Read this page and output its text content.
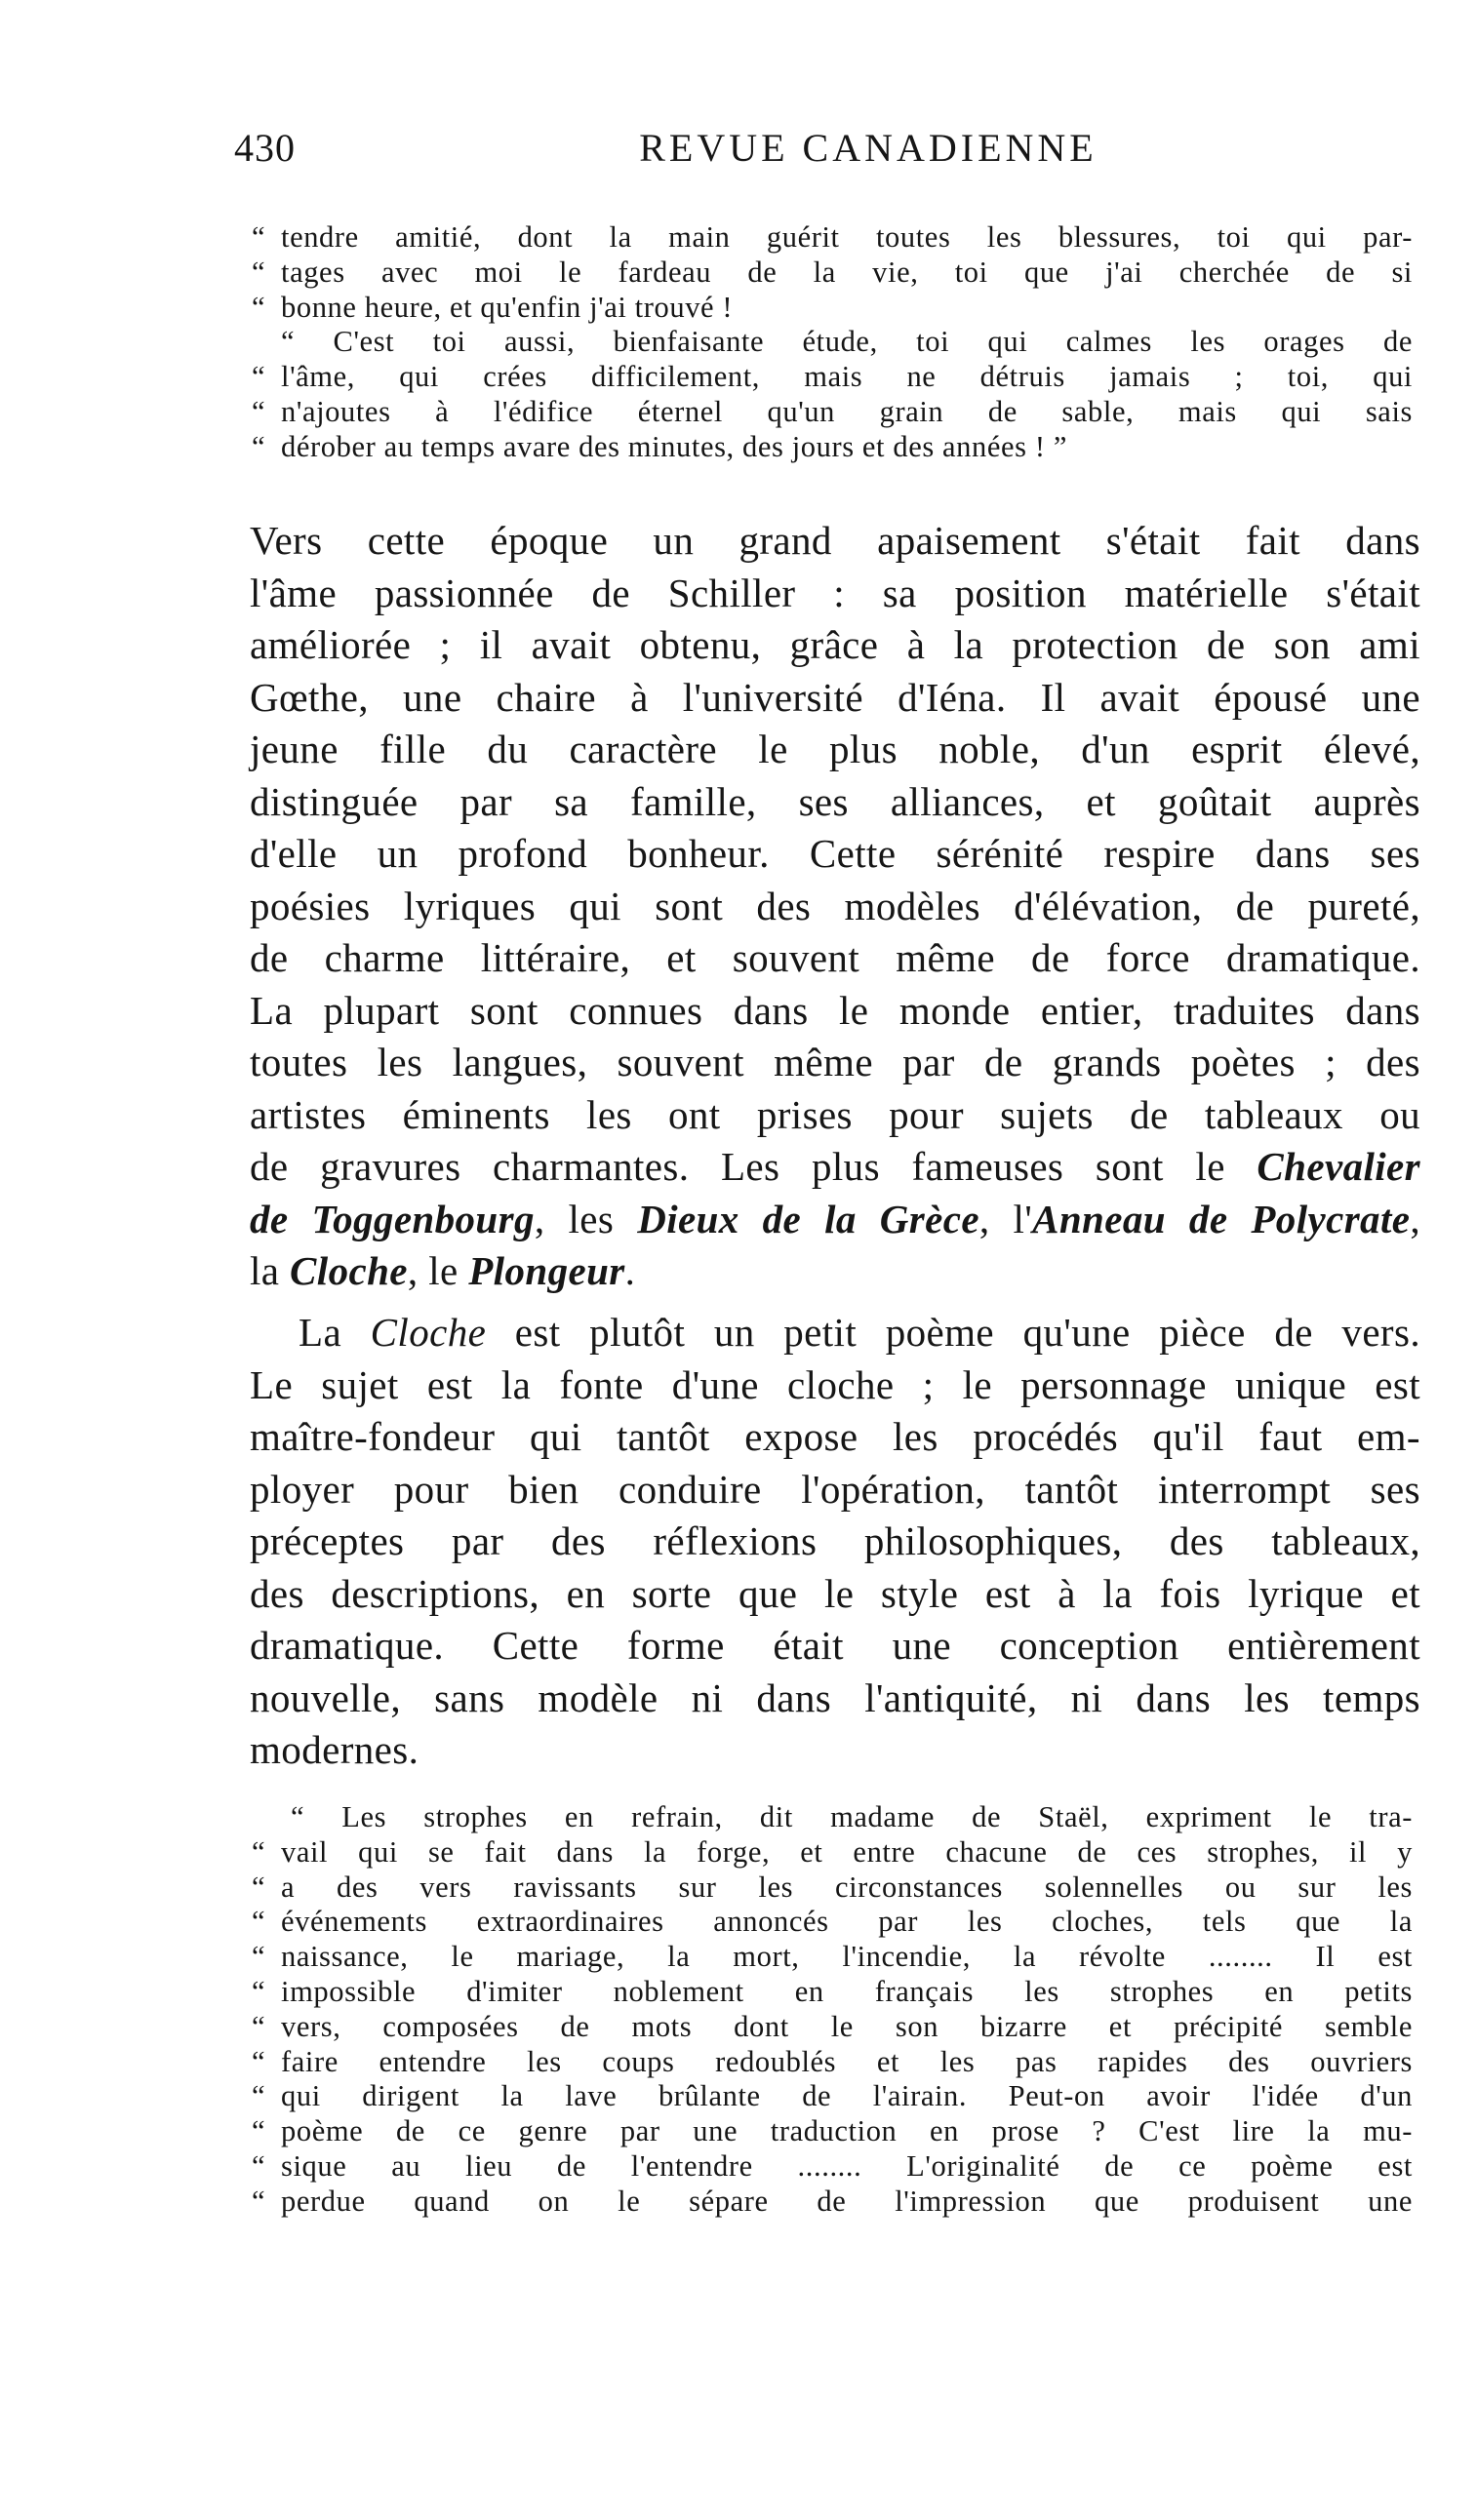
430	REVUE CANADIENNE
“ tendre amitié, dont la main guérit toutes les blessures, toi qui par-
“ tages avec moi le fardeau de la vie, toi que j'ai cherchée de si
“ bonne heure, et qu'enfin j'ai trouvé !
“ C'est toi aussi, bienfaisante étude, toi qui calmes les orages de
“ l'âme, qui crées difficilement, mais ne détruis jamais ; toi, qui
“ n'ajoutes à l'édifice éternel qu'un grain de sable, mais qui sais
“ dérober au temps avare des minutes, des jours et des années ! ”
Vers cette époque un grand apaisement s'était fait dans
l'âme passionnée de Schiller : sa position matérielle s'était
améliorée ; il avait obtenu, grâce à la protection de son ami
Gœthe, une chaire à l'université d'Iéna. Il avait épousé une
jeune fille du caractère le plus noble, d'un esprit élevé,
distinguée par sa famille, ses alliances, et goûtait auprès
d'elle un profond bonheur. Cette sérénité respire dans ses
poésies lyriques qui sont des modèles d'élévation, de pureté,
de charme littéraire, et souvent même de force dramatique.
La plupart sont connues dans le monde entier, traduites dans
toutes les langues, souvent même par de grands poètes ; des
artistes éminents les ont prises pour sujets de tableaux ou
de gravures charmantes. Les plus fameuses sont le Chevalier
de Toggenbourg, les Dieux de la Grèce, l'Anneau de Polycrate,
la Cloche, le Plongeur.
La Cloche est plutôt un petit poème qu'une pièce de vers.
Le sujet est la fonte d'une cloche ; le personnage unique est
maître-fondeur qui tantôt expose les procédés qu'il faut em-
ployer pour bien conduire l'opération, tantôt interrompt ses
préceptes par des réflexions philosophiques, des tableaux,
des descriptions, en sorte que le style est à la fois lyrique et
dramatique. Cette forme était une conception entièrement
nouvelle, sans modèle ni dans l'antiquité, ni dans les temps
modernes.
“ Les strophes en refrain, dit madame de Staël, expriment le tra-
“ vail qui se fait dans la forge, et entre chacune de ces strophes, il y
“ a des vers ravissants sur les circonstances solennelles ou sur les
“ événements extraordinaires annoncés par les cloches, tels que la
“ naissance, le mariage, la mort, l'incendie, la révolte ........ Il est
“ impossible d'imiter noblement en français les strophes en petits
“ vers, composées de mots dont le son bizarre et précipité semble
“ faire entendre les coups redoublés et les pas rapides des ouvriers
“ qui dirigent la lave brûlante de l'airain. Peut-on avoir l'idée d'un
“ poème de ce genre par une traduction en prose ? C'est lire la mu-
“ sique au lieu de l'entendre ........ L'originalité de ce poème est
“ perdue quand on le sépare de l'impression que produisent une
